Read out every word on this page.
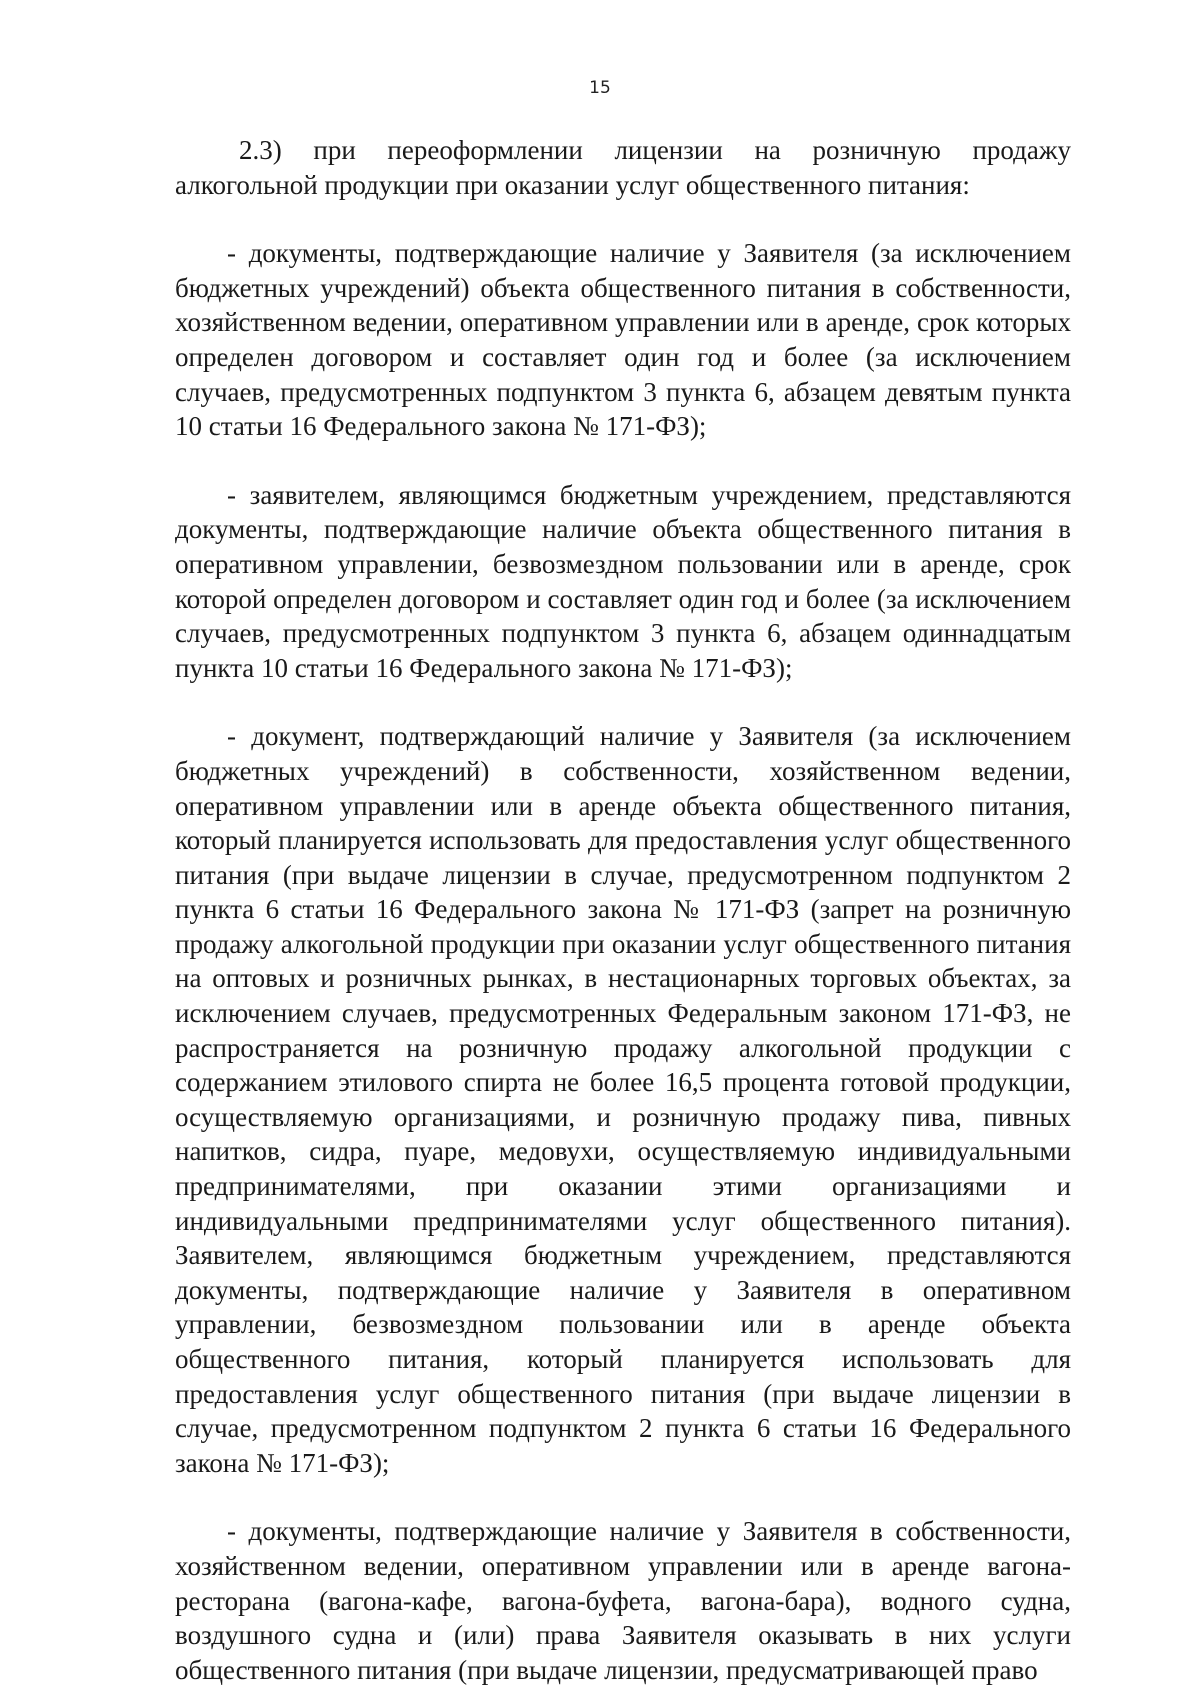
15

2.3) при переоформлении лицензии на розничную продажу алкогольной продукции при оказании услуг общественного питания:

- документы, подтверждающие наличие у Заявителя (за исключением бюджетных учреждений) объекта общественного питания в собственности, хозяйственном ведении, оперативном управлении или в аренде, срок которых определен договором и составляет один год и более (за исключением случаев, предусмотренных подпунктом 3 пункта 6, абзацем девятым пункта 10 статьи 16 Федерального закона № 171-ФЗ);

- заявителем, являющимся бюджетным учреждением, представляются документы, подтверждающие наличие объекта общественного питания в оперативном управлении, безвозмездном пользовании или в аренде, срок которой определен договором и составляет один год и более (за исключением случаев, предусмотренных подпунктом 3 пункта 6, абзацем одиннадцатым пункта 10 статьи 16 Федерального закона № 171-ФЗ);

- документ, подтверждающий наличие у Заявителя (за исключением бюджетных учреждений) в собственности, хозяйственном ведении, оперативном управлении или в аренде объекта общественного питания, который планируется использовать для предоставления услуг общественного питания (при выдаче лицензии в случае, предусмотренном подпунктом 2 пункта 6 статьи 16 Федерального закона № 171-ФЗ (запрет на розничную продажу алкогольной продукции при оказании услуг общественного питания на оптовых и розничных рынках, в нестационарных торговых объектах, за исключением случаев, предусмотренных Федеральным законом 171-ФЗ, не распространяется на розничную продажу алкогольной продукции с содержанием этилового спирта не более 16,5 процента готовой продукции, осуществляемую организациями, и розничную продажу пива, пивных напитков, сидра, пуаре, медовухи, осуществляемую индивидуальными предпринимателями, при оказании этими организациями и индивидуальными предпринимателями услуг общественного питания). Заявителем, являющимся бюджетным учреждением, представляются документы, подтверждающие наличие у Заявителя в оперативном управлении, безвозмездном пользовании или в аренде объекта общественного питания, который планируется использовать для предоставления услуг общественного питания (при выдаче лицензии в случае, предусмотренном подпунктом 2 пункта 6 статьи 16 Федерального закона № 171-ФЗ);

- документы, подтверждающие наличие у Заявителя в собственности, хозяйственном ведении, оперативном управлении или в аренде вагона-ресторана (вагона-кафе, вагона-буфета, вагона-бара), водного судна, воздушного судна и (или) права Заявителя оказывать в них услуги общественного питания (при выдаче лицензии, предусматривающей право
